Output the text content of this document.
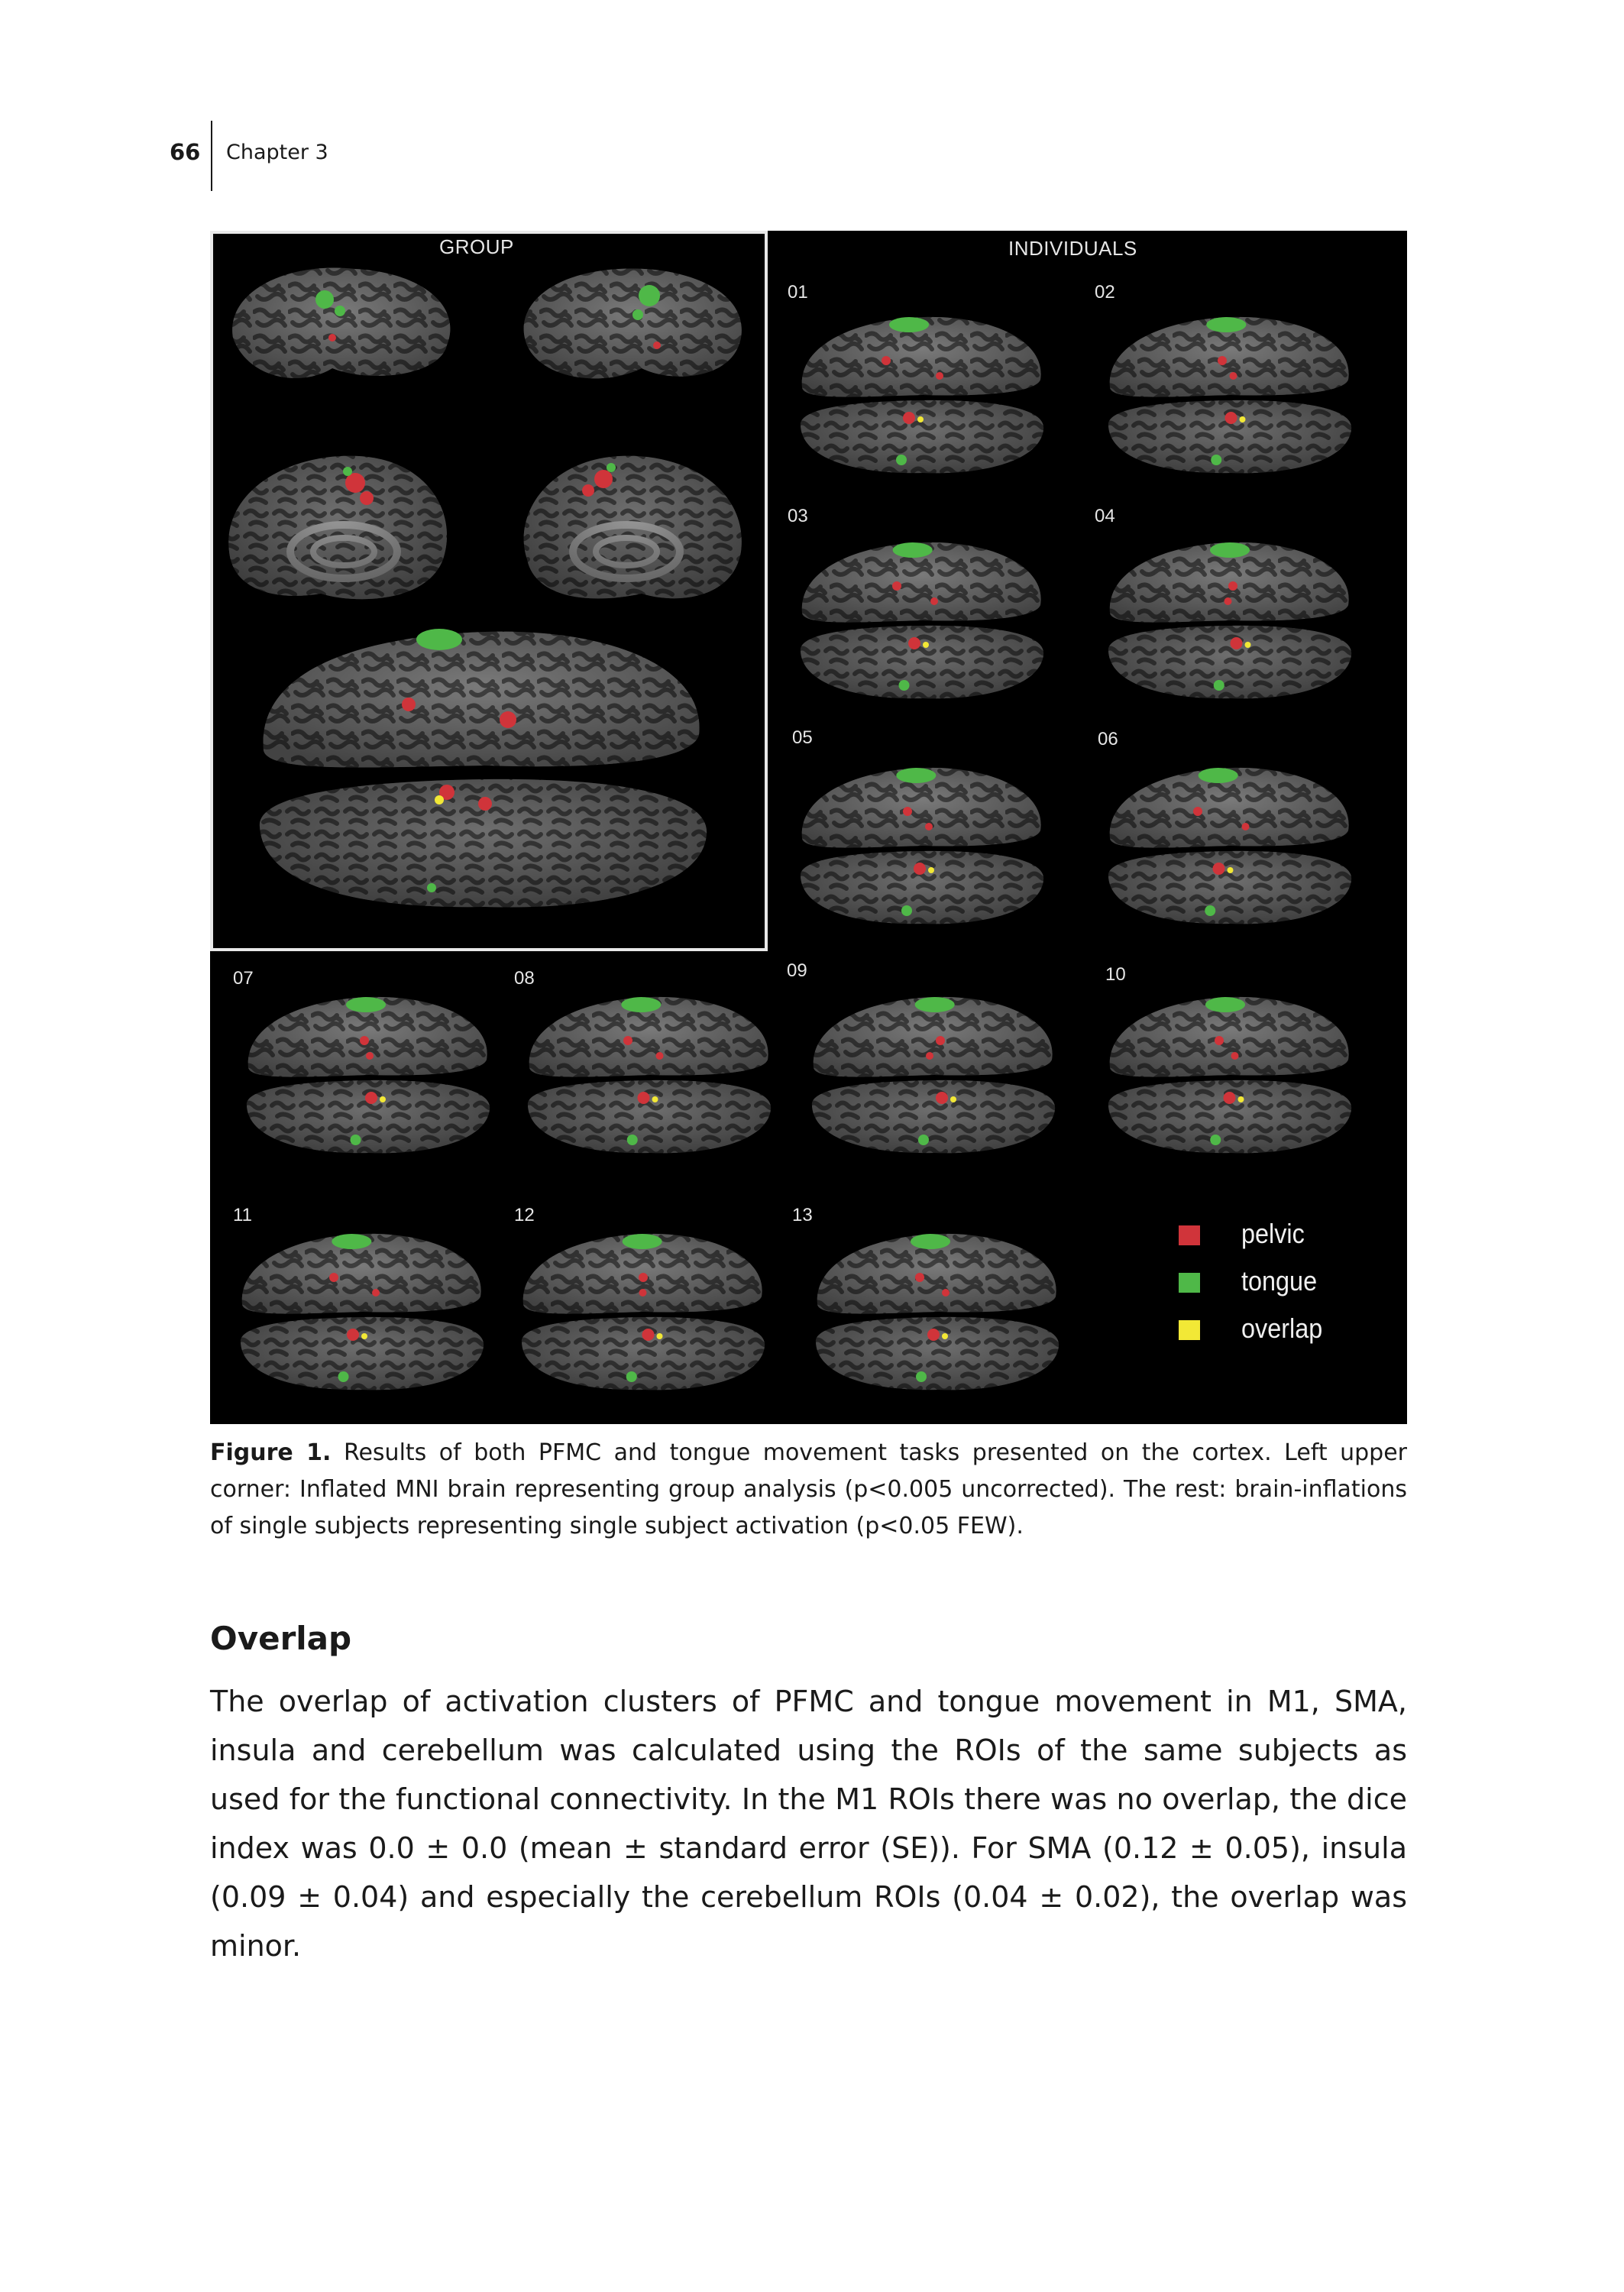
66 Chapter 3
GROUP	INDIVIDUALS
01	02
03	04
05	06
07	08	09	10
11	12	13
pelvic
tongue
overlap
Figure 1. Results of both PFMC and tongue movement tasks presented on the cortex. Left upper corner: Inflated MNI brain representing group analysis (p<0.005 uncorrected). The rest: brain-inflations of single subjects representing single subject activation (p<0.05 FEW).
Overlap
The overlap of activation clusters of PFMC and tongue movement in M1, SMA, insula and cerebellum was calculated using the ROIs of the same subjects as used for the functional connectivity. In the M1 ROIs there was no overlap, the dice index was 0.0 ± 0.0 (mean ± standard error (SE)). For SMA (0.12 ± 0.05), insula (0.09 ± 0.04) and especially the cerebellum ROIs (0.04 ± 0.02), the overlap was minor.
